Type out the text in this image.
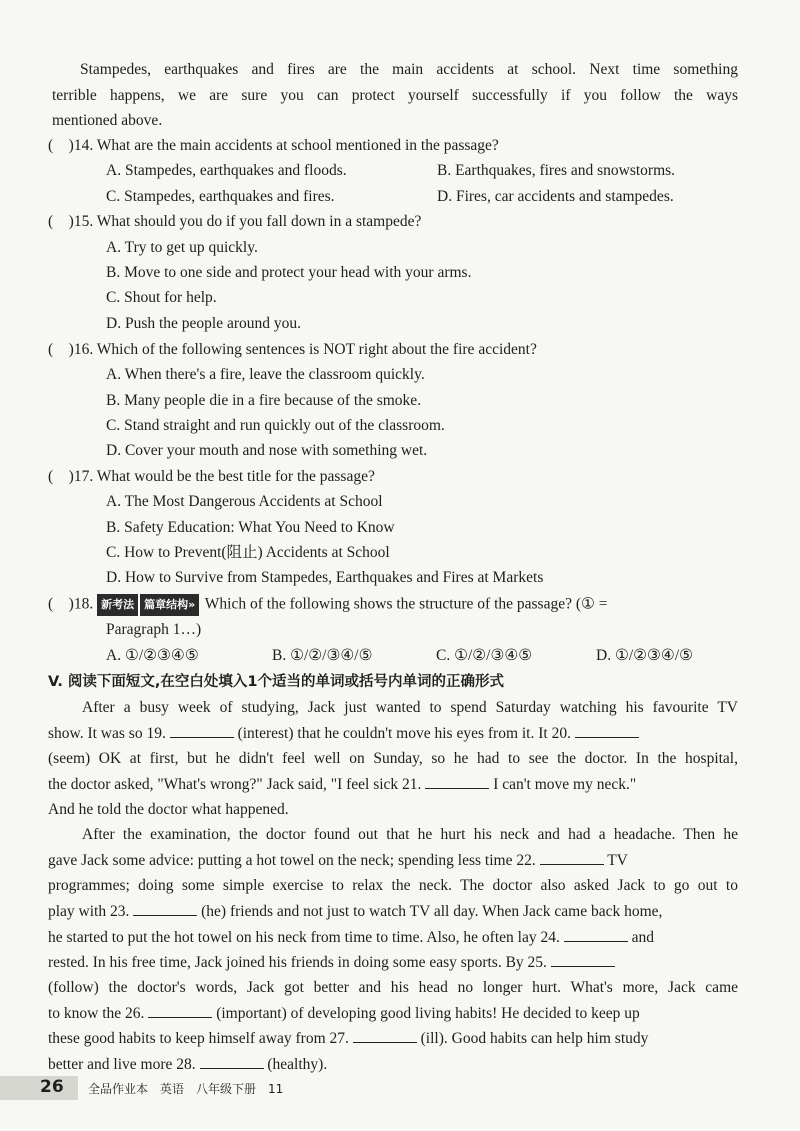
Stampedes, earthquakes and fires are the main accidents at school. Next time something
terrible happens, we are sure you can protect yourself successfully if you follow the ways
mentioned above.
(　)14. What are the main accidents at school mentioned in the passage?
A. Stampedes, earthquakes and floods.	B. Earthquakes, fires and snowstorms.
C. Stampedes, earthquakes and fires.	D. Fires, car accidents and stampedes.
(　)15. What should you do if you fall down in a stampede?
A. Try to get up quickly.
B. Move to one side and protect your head with your arms.
C. Shout for help.
D. Push the people around you.
(　)16. Which of the following sentences is NOT right about the fire accident?
A. When there's a fire, leave the classroom quickly.
B. Many people die in a fire because of the smoke.
C. Stand straight and run quickly out of the classroom.
D. Cover your mouth and nose with something wet.
(　)17. What would be the best title for the passage?
A. The Most Dangerous Accidents at School
B. Safety Education: What You Need to Know
C. How to Prevent(阻止) Accidents at School
D. How to Survive from Stampedes, Earthquakes and Fires at Markets
(　)18. 新考法 篇章结构» Which of the following shows the structure of the passage? (① =
Paragraph 1…)
A. ①/②③④⑤	B. ①/②/③④/⑤	C. ①/②/③④⑤	D. ①/②③④/⑤
V. 阅读下面短文,在空白处填入1个适当的单词或括号内单词的正确形式
After a busy week of studying, Jack just wanted to spend Saturday watching his favourite TV
show. It was so 19.	(interest) that he couldn't move his eyes from it. It 20.
(seem) OK at first, but he didn't feel well on Sunday, so he had to see the doctor. In the hospital,
the doctor asked, "What's wrong?" Jack said, "I feel sick 21.	I can't move my neck."
And he told the doctor what happened.
After the examination, the doctor found out that he hurt his neck and had a headache. Then he
gave Jack some advice: putting a hot towel on the neck; spending less time 22.	TV
programmes; doing some simple exercise to relax the neck. The doctor also asked Jack to go out to
play with 23.	(he) friends and not just to watch TV all day. When Jack came back home,
he started to put the hot towel on his neck from time to time. Also, he often lay 24.	and
rested. In his free time, Jack joined his friends in doing some easy sports. By 25.
(follow) the doctor's words, Jack got better and his head no longer hurt. What's more, Jack came
to know the 26.	(important) of developing good living habits! He decided to keep up
these good habits to keep himself away from 27.	(ill). Good habits can help him study
better and live more 28.	(healthy).
26 全品作业本　英语　八年级下册　11
